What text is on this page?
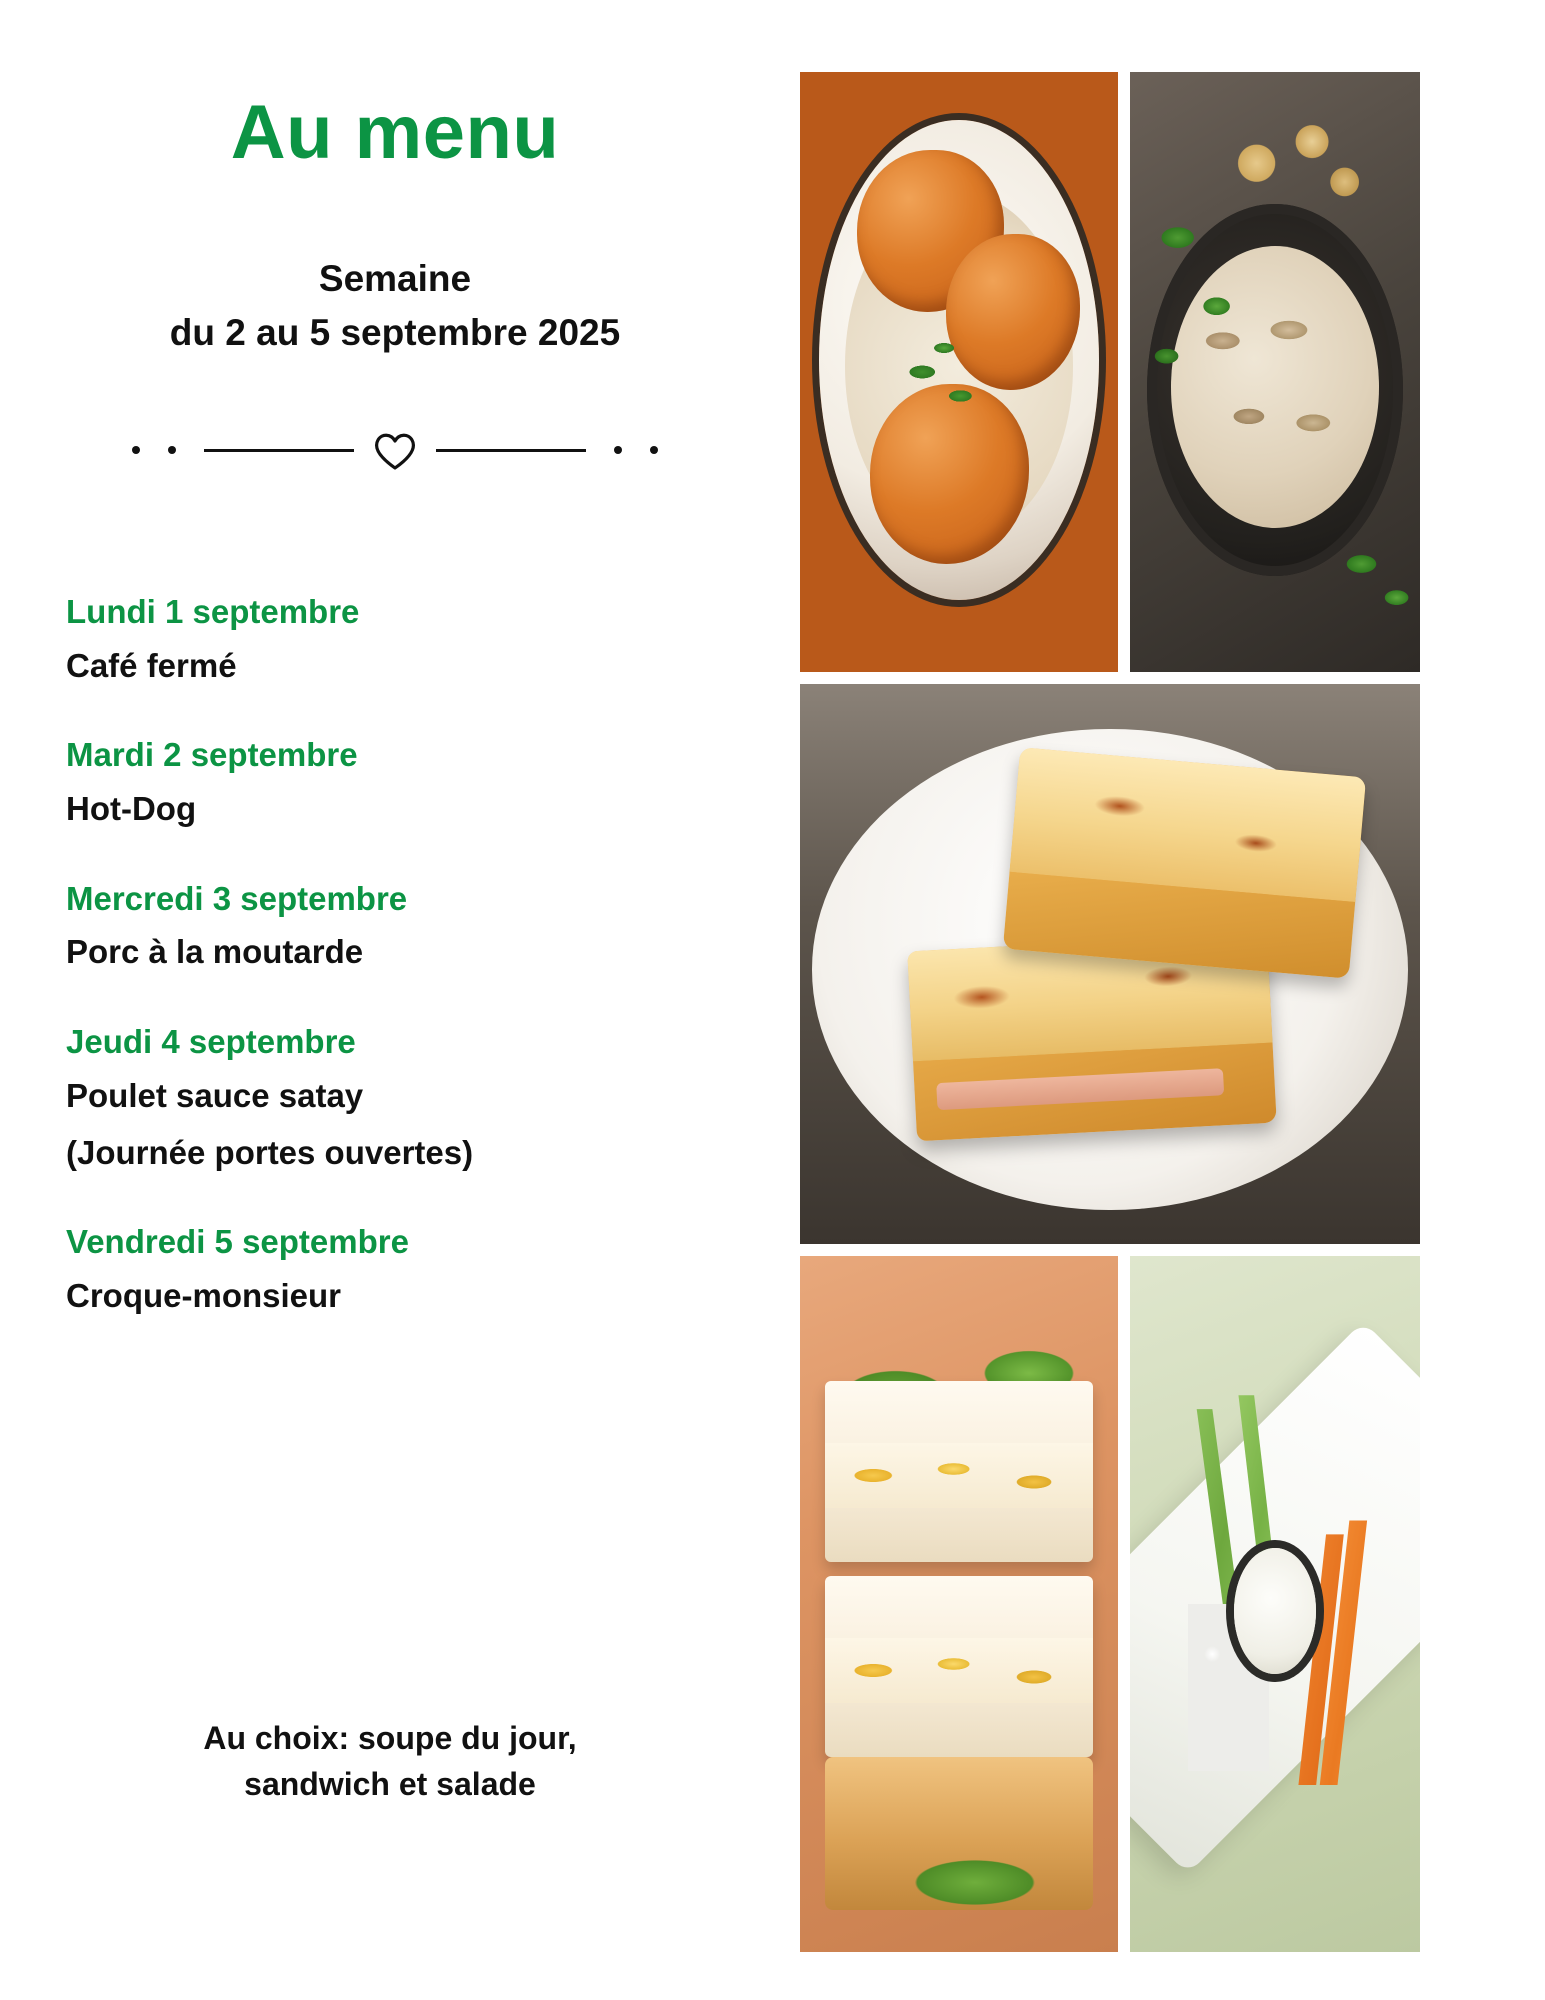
Au menu
Semaine
du 2 au 5 septembre 2025
Lundi 1 septembre
Café fermé
Mardi 2 septembre
Hot-Dog
Mercredi 3 septembre
Porc à la moutarde
Jeudi 4 septembre
Poulet sauce satay
(Journée portes ouvertes)
Vendredi 5 septembre
Croque-monsieur
Au choix: soupe du jour,
sandwich et salade
